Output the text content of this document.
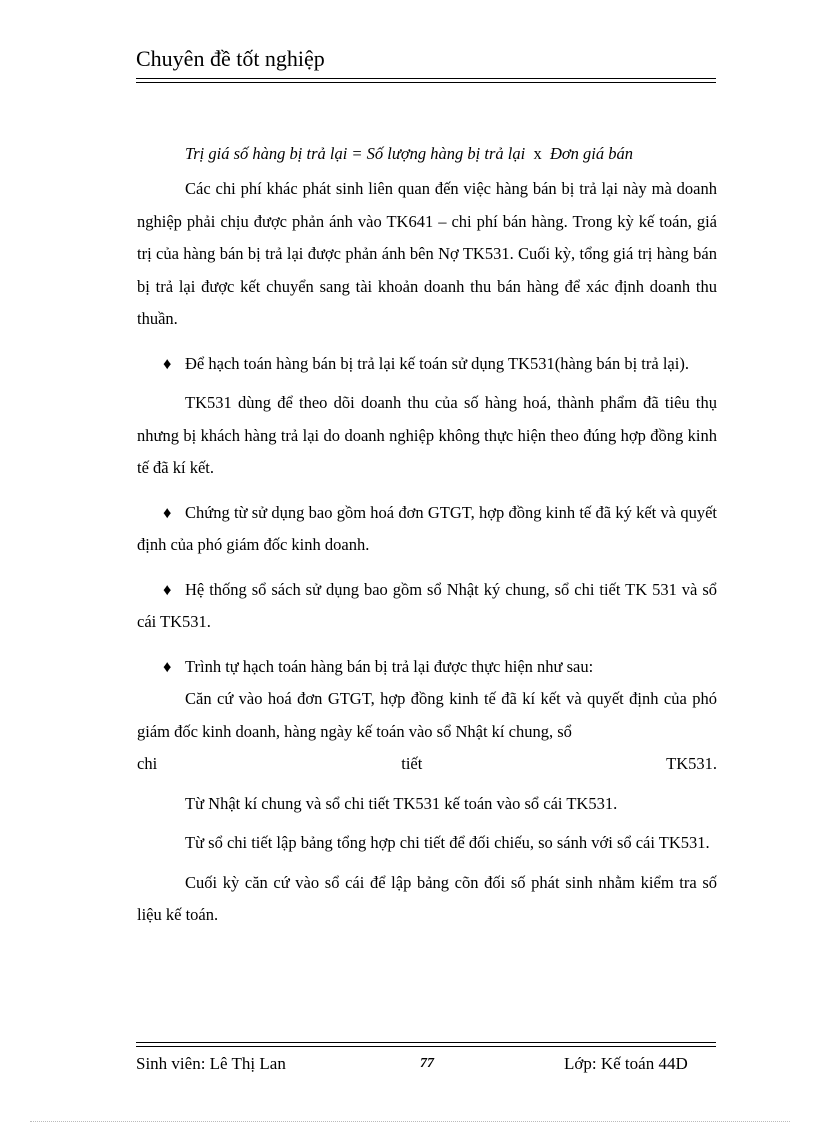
Chuyên đề tốt nghiệp

Trị giá số hàng bị trả lại = Số lượng hàng bị trả lại x Đơn giá bán

Các chi phí khác phát sinh liên quan đến việc hàng bán bị trả lại này mà doanh nghiệp phải chịu được phản ánh vào TK641 – chi phí bán hàng. Trong kỳ kế toán, giá trị của hàng bán bị trả lại được phản ánh bên Nợ TK531. Cuối kỳ, tổng giá trị hàng bán bị trả lại được kết chuyển sang tài khoản doanh thu bán hàng để xác định doanh thu thuần.

♦ Để hạch toán hàng bán bị trả lại kế toán sử dụng TK531(hàng bán bị trả lại).

TK531 dùng để theo dõi doanh thu của số hàng hoá, thành phẩm đã tiêu thụ nhưng bị khách hàng trả lại do doanh nghiệp không thực hiện theo đúng hợp đồng kinh tế đã kí kết.

♦ Chứng từ sử dụng bao gồm hoá đơn GTGT, hợp đồng kinh tế đã ký kết và quyết định của phó giám đốc kinh doanh.

♦ Hệ thống sổ sách sử dụng bao gồm sổ Nhật ký chung, sổ chi tiết TK 531 và sổ cái TK531.

♦ Trình tự hạch toán hàng bán bị trả lại được thực hiện như sau:

Căn cứ vào hoá đơn GTGT, hợp đồng kinh tế đã kí kết và quyết định của phó giám đốc kinh doanh, hàng ngày kế toán vào sổ Nhật kí chung, sổ

chi tiết TK531.

Từ Nhật kí chung và sổ chi tiết TK531 kế toán vào sổ cái TK531.

Từ sổ chi tiết lập bảng tổng hợp chi tiết để đối chiếu, so sánh với sổ cái TK531.

Cuối kỳ căn cứ vào sổ cái để lập bảng cõn đối số phát sinh nhằm kiểm tra số liệu kế toán.

Sinh viên: Lê Thị Lan	77	Lớp: Kế toán 44D
